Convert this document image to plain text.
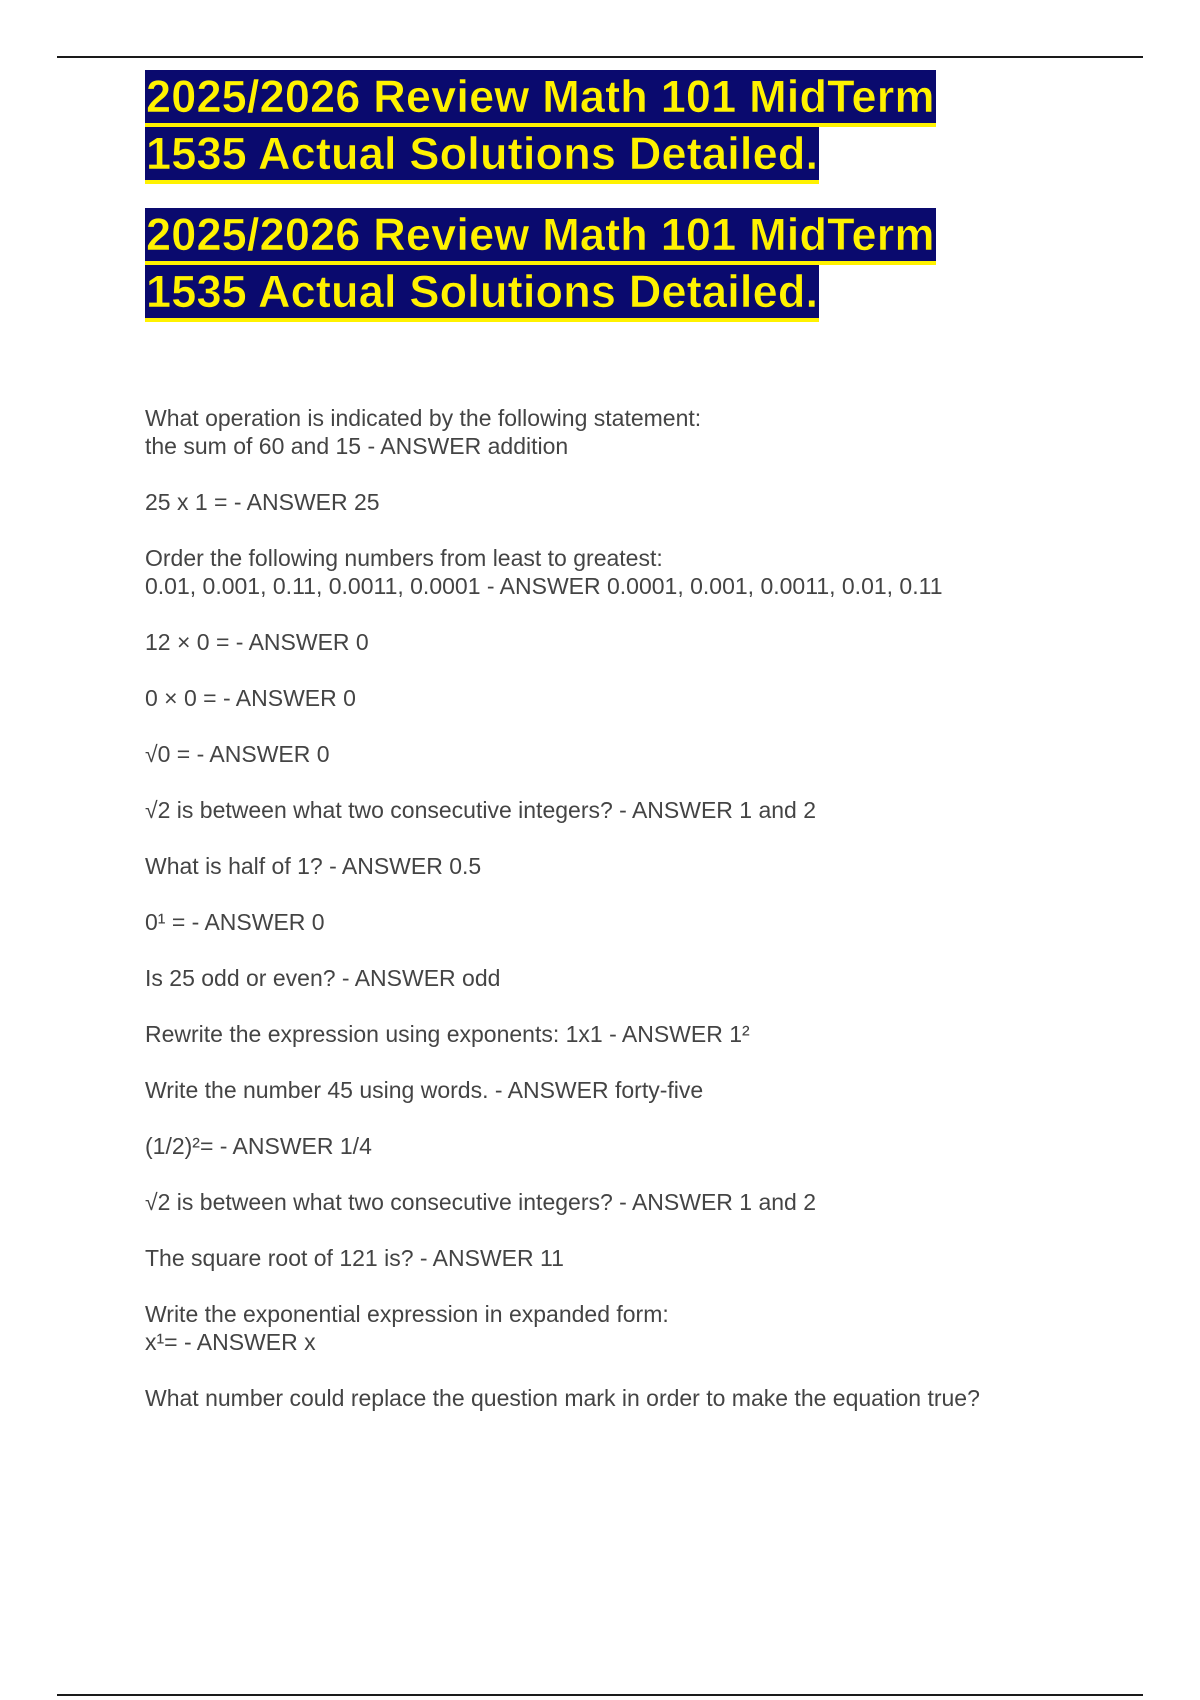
2025/2026 Review Math 101 MidTerm
1535 Actual Solutions Detailed.
2025/2026 Review Math 101 MidTerm
1535 Actual Solutions Detailed.
What operation is indicated by the following statement:
the sum of 60 and 15 - ANSWER addition
25 x 1 = - ANSWER 25
Order the following numbers from least to greatest:
0.01, 0.001, 0.11, 0.0011, 0.0001 - ANSWER 0.0001, 0.001, 0.0011, 0.01, 0.11
12 × 0 = - ANSWER 0
0 × 0 = - ANSWER 0
√0 = - ANSWER 0
√2 is between what two consecutive integers? - ANSWER 1 and 2
What is half of 1? - ANSWER 0.5
0¹ = - ANSWER 0
Is 25 odd or even? - ANSWER odd
Rewrite the expression using exponents: 1x1 - ANSWER 1²
Write the number 45 using words. - ANSWER forty-five
(1/2)²= - ANSWER 1/4
√2 is between what two consecutive integers? - ANSWER 1 and 2
The square root of 121 is? - ANSWER 11
Write the exponential expression in expanded form:
x¹= - ANSWER x
What number could replace the question mark in order to make the equation true?
